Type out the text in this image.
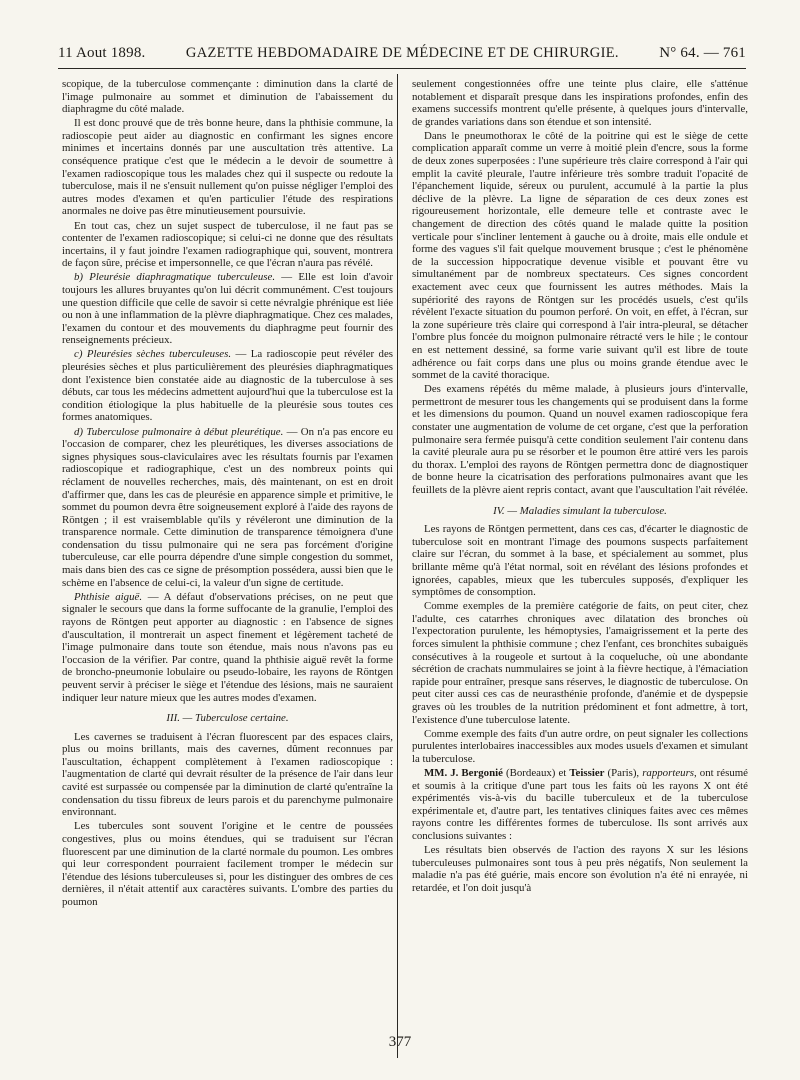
11 Aout 1898.	GAZETTE HEBDOMADAIRE DE MÉDECINE ET DE CHIRURGIE.	N° 64. — 761

scopique, de la tuberculose commençante : diminution dans la clarté de l'image pulmonaire au sommet et diminution de l'abaissement du diaphragme du côté malade.

Il est donc prouvé que de très bonne heure, dans la phthisie commune, la radioscopie peut aider au diagnostic en confirmant les signes encore minimes et incertains donnés par une auscultation très attentive. La conséquence pratique c'est que le médecin a le devoir de soumettre à l'examen radioscopique tous les malades chez qui il suspecte ou redoute la tuberculose, mais il ne s'ensuit nullement qu'on puisse négliger l'emploi des autres modes d'examen et qu'en particulier l'étude des respirations anormales ne doive pas être minutieusement poursuivie.

En tout cas, chez un sujet suspect de tuberculose, il ne faut pas se contenter de l'examen radioscopique; si celui-ci ne donne que des résultats incertains, il y faut joindre l'examen radiographique qui, souvent, montrera de façon sûre, précise et impersonnelle, ce que l'écran n'aura pas révélé.

b) Pleurésie diaphragmatique tuberculeuse. — Elle est loin d'avoir toujours les allures bruyantes qu'on lui décrit communément. C'est toujours une question difficile que celle de savoir si cette névralgie phrénique est liée ou non à une inflammation de la plèvre diaphragmatique. Chez ces malades, l'examen du contour et des mouvements du diaphragme peut fournir des renseignements précieux.

c) Pleurésies sèches tuberculeuses. — La radioscopie peut révéler des pleurésies sèches et plus particulièrement des pleurésies diaphragmatiques dont l'existence bien constatée aide au diagnostic de la tuberculose à ses débuts, car tous les médecins admettent aujourd'hui que la tuberculose est la condition étiologique la plus habituelle de la pleurésie sous toutes ces formes anatomiques.

d) Tuberculose pulmonaire à début pleurétique. — On n'a pas encore eu l'occasion de comparer, chez les pleurétiques, les diverses associations de signes physiques sous-claviculaires avec les résultats fournis par l'examen radioscopique et radiographique, c'est un des nombreux points qui réclament de nouvelles recherches, mais, dès maintenant, on est en droit d'affirmer que, dans les cas de pleurésie en apparence simple et primitive, le sommet du poumon devra être soigneusement exploré à l'aide des rayons de Röntgen ; il est vraisemblable qu'ils y révéleront une diminution de la transparence normale. Cette diminution de transparence témoignera d'une condensation du tissu pulmonaire qui ne sera pas forcément d'origine tuberculeuse, car elle pourra dépendre d'une simple congestion du sommet, mais dans bien des cas ce signe de présomption possédera, aussi bien que le schème en l'absence de celui-ci, la valeur d'un signe de certitude.

Phthisie aiguë. — A défaut d'observations précises, on ne peut que signaler le secours que dans la forme suffocante de la granulie, l'emploi des rayons de Röntgen peut apporter au diagnostic : en l'absence de signes d'auscultation, il montrerait un aspect finement et légèrement tacheté de l'image pulmonaire dans toute son étendue, mais nous n'avons pas eu l'occasion de la vérifier. Par contre, quand la phthisie aiguë revêt la forme de broncho-pneumonie lobulaire ou pseudo-lobaire, les rayons de Röntgen peuvent servir à préciser le siège et l'étendue des lésions, mais ne sauraient indiquer leur nature mieux que les autres modes d'examen.

III. — Tuberculose certaine.

Les cavernes se traduisent à l'écran fluorescent par des espaces clairs, plus ou moins brillants, mais des cavernes, dûment reconnues par l'auscultation, échappent complètement à l'examen radioscopique : l'augmentation de clarté qui devrait résulter de la présence de l'air dans leur cavité est surpassée ou compensée par la diminution de clarté qu'entraîne la condensation du tissu fibreux de leurs parois et du parenchyme pulmonaire environnant.

Les tubercules sont souvent l'origine et le centre de poussées congestives, plus ou moins étendues, qui se traduisent sur l'écran fluorescent par une diminution de la clarté normale du poumon. Les ombres qui leur correspondent pourraient facilement tromper le médecin sur l'étendue des lésions tuberculeuses si, pour les distinguer des ombres de ces dernières, il n'était attentif aux caractères suivants. L'ombre des parties du poumon

seulement congestionnées offre une teinte plus claire, elle s'atténue notablement et disparaît presque dans les inspirations profondes, enfin des examens successifs montrent qu'elle présente, à quelques jours d'intervalle, de grandes variations dans son étendue et son intensité.

Dans le pneumothorax le côté de la poitrine qui est le siège de cette complication apparaît comme un verre à moitié plein d'encre, sous la forme de deux zones superposées : l'une supérieure très claire correspond à l'air qui emplit la cavité pleurale, l'autre inférieure très sombre traduit l'opacité de l'épanchement liquide, séreux ou purulent, accumulé à la partie la plus déclive de la plèvre. La ligne de séparation de ces deux zones est rigoureusement horizontale, elle demeure telle et contraste avec le changement de direction des côtés quand le malade quitte la position verticale pour s'incliner lentement à gauche ou à droite, mais elle ondule et forme des vagues s'il fait quelque mouvement brusque ; c'est le phénomène de la succession hippocratique devenue visible et pouvant être vu simultanément par de nombreux spectateurs. Ces signes concordent exactement avec ceux que fournissent les autres méthodes. Mais la supériorité des rayons de Röntgen sur les procédés usuels, c'est qu'ils révèlent l'exacte situation du poumon perforé. On voit, en effet, à l'écran, sur la zone supérieure très claire qui correspond à l'air intra-pleural, se détacher l'ombre plus foncée du moignon pulmonaire rétracté vers le hile ; le contour en est nettement dessiné, sa forme varie suivant qu'il est libre de toute adhérence ou fait corps dans une plus ou moins grande étendue avec le sommet de la cavité thoracique.

Des examens répétés du même malade, à plusieurs jours d'intervalle, permettront de mesurer tous les changements qui se produisent dans la forme et les dimensions du poumon. Quand un nouvel examen radioscopique fera constater une augmentation de volume de cet organe, c'est que la perforation pulmonaire sera fermée puisqu'à cette condition seulement l'air contenu dans la cavité pleurale aura pu se résorber et le poumon être attiré vers les parois du thorax. L'emploi des rayons de Röntgen permettra donc de diagnostiquer de bonne heure la cicatrisation des perforations pulmonaires avant que les feuillets de la plèvre aient repris contact, avant que l'auscultation l'ait révélée.

IV. — Maladies simulant la tuberculose.

Les rayons de Röntgen permettent, dans ces cas, d'écarter le diagnostic de tuberculose soit en montrant l'image des poumons suspects parfaitement claire sur l'écran, du sommet à la base, et spécialement au sommet, plus brillante même qu'à l'état normal, soit en révélant des lésions profondes et ignorées, capables, mieux que les tubercules supposés, d'expliquer les symptômes de consomption.

Comme exemples de la première catégorie de faits, on peut citer, chez l'adulte, ces catarrhes chroniques avec dilatation des bronches où l'expectoration purulente, les hémoptysies, l'amaigrissement et la perte des forces simulent la phthisie commune ; chez l'enfant, ces bronchites subaiguës consécutives à la rougeole et surtout à la coqueluche, où une abondante sécrétion de crachats nummulaires se joint à la fièvre hectique, à l'émaciation rapide pour entraîner, presque sans réserves, le diagnostic de tuberculose. On peut citer aussi ces cas de neurasthénie profonde, d'anémie et de dyspepsie graves où les troubles de la nutrition prédominent et font admettre, à tort, l'existence d'une tuberculose latente.

Comme exemple des faits d'un autre ordre, on peut signaler les collections purulentes interlobaires inaccessibles aux modes usuels d'examen et simulant la tuberculose.

MM. J. Bergonié (Bordeaux) et Teissier (Paris), rapporteurs, ont résumé et soumis à la critique d'une part tous les faits où les rayons X ont été expérimentés vis-à-vis du bacille tuberculeux et de la tuberculose expérimentale et, d'autre part, les tentatives cliniques faites avec ces mêmes rayons contre les différentes formes de tuberculose. Ils sont arrivés aux conclusions suivantes :

Les résultats bien observés de l'action des rayons X sur les lésions tuberculeuses pulmonaires sont tous à peu près négatifs, Non seulement la maladie n'a pas été guérie, mais encore son évolution n'a été ni enrayée, ni retardée, et l'on doit jusqu'à

377
